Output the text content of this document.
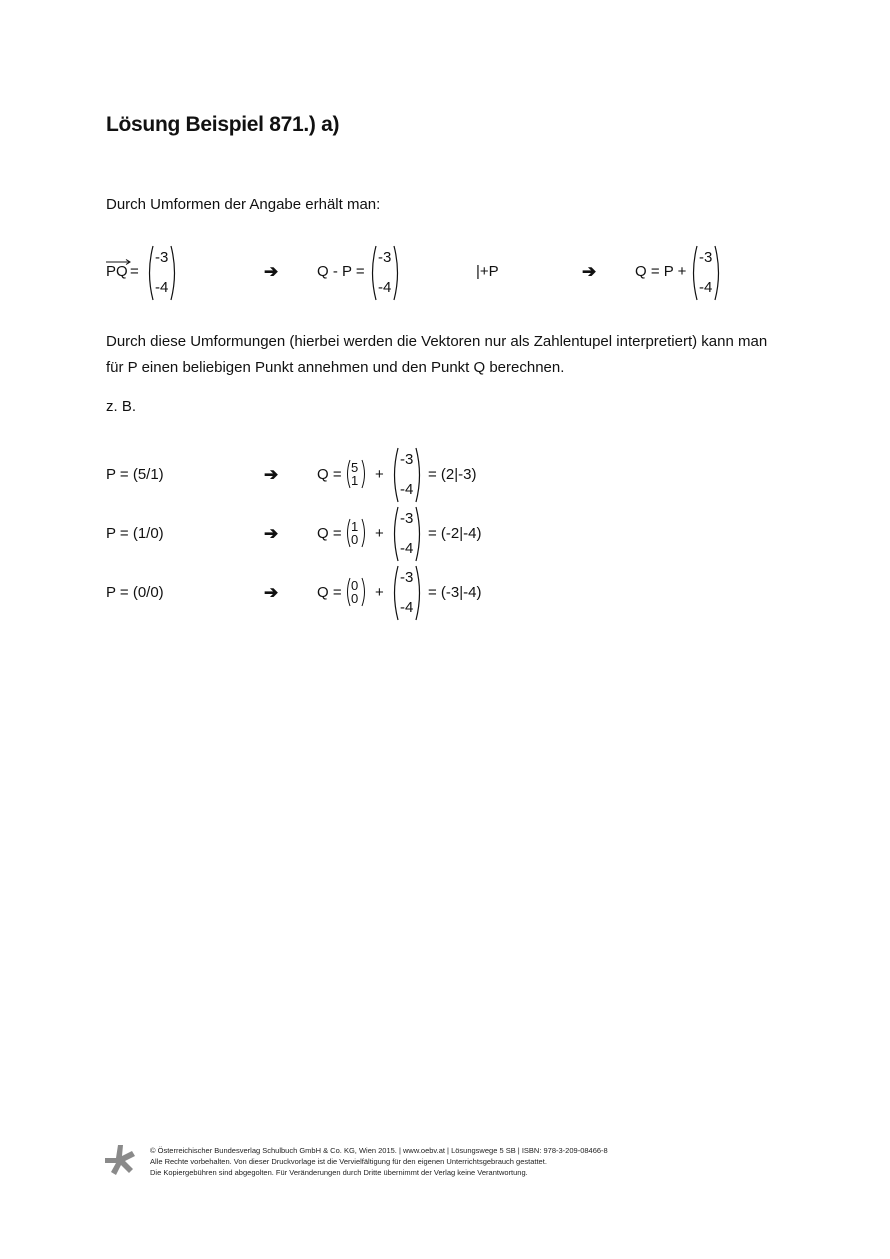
Lösung Beispiel 871.) a)
Durch Umformen der Angabe erhält man:
PQ =
-3
-4
➔	Q - P =
-3
-4
|+P	➔	Q = P +
-3
-4
Durch diese Umformungen (hierbei werden die Vektoren nur als Zahlentupel interpretiert) kann man
für P einen beliebigen Punkt annehmen und den Punkt Q berechnen.
z. B.
P = (5/1)	➔	Q = 5
1 +
-3
-4
= (2|-3)
P = (1/0)	➔	Q = 1
0 +
-3
-4
= (-2|-4)
P = (0/0)	➔	Q = 0
0 +
-3
-4
= (-3|-4)
© Österreichischer Bundesverlag Schulbuch GmbH & Co. KG, Wien 2015. | www.oebv.at | Lösungswege 5 SB | ISBN: 978-3-209-08466-8
Alle Rechte vorbehalten. Von dieser Druckvorlage ist die Vervielfältigung für den eigenen Unterrichtsgebrauch gestattet.
Die Kopiergebühren sind abgegolten. Für Veränderungen durch Dritte übernimmt der Verlag keine Verantwortung.
